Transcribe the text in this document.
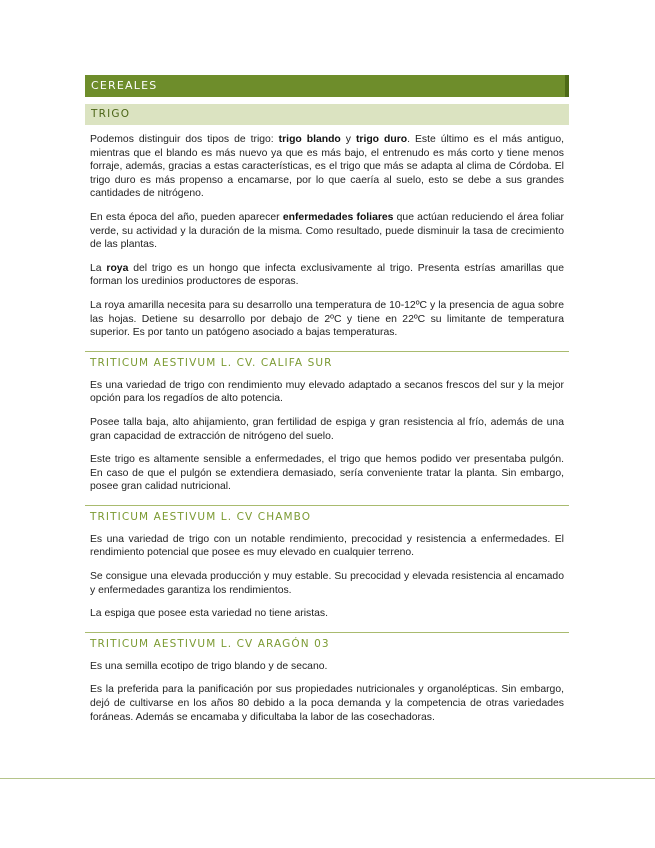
CEREALES
TRIGO

Podemos distinguir dos tipos de trigo: trigo blando y trigo duro. Este último es el más antiguo, mientras que el blando es más nuevo ya que es más bajo, el entrenudo es más corto y tiene menos forraje, además, gracias a estas características, es el trigo que más se adapta al clima de Córdoba. El trigo duro es más propenso a encamarse, por lo que caería al suelo, esto se debe a sus grandes cantidades de nitrógeno.

En esta época del año, pueden aparecer enfermedades foliares que actúan reduciendo el área foliar verde, su actividad y la duración de la misma. Como resultado, puede disminuir la tasa de crecimiento de las plantas.

La roya del trigo es un hongo que infecta exclusivamente al trigo. Presenta estrías amarillas que forman los uredinios productores de esporas.

La roya amarilla necesita para su desarrollo una temperatura de 10-12ºC y la presencia de agua sobre las hojas. Detiene su desarrollo por debajo de 2ºC y tiene en 22ºC su limitante de temperatura superior. Es por tanto un patógeno asociado a bajas temperaturas.

TRITICUM AESTIVUM L. CV. CALIFA SUR

Es una variedad de trigo con rendimiento muy elevado adaptado a secanos frescos del sur y la mejor opción para los regadíos de alto potencia.

Posee talla baja, alto ahijamiento, gran fertilidad de espiga y gran resistencia al frío, además de una gran capacidad de extracción de nitrógeno del suelo.

Este trigo es altamente sensible a enfermedades, el trigo que hemos podido ver presentaba pulgón. En caso de que el pulgón se extendiera demasiado, sería conveniente tratar la planta. Sin embargo, posee gran calidad nutricional.

TRITICUM AESTIVUM L. CV CHAMBO

Es una variedad de trigo con un notable rendimiento, precocidad y resistencia a enfermedades. El rendimiento potencial que posee es muy elevado en cualquier terreno.

Se consigue una elevada producción y muy estable. Su precocidad y elevada resistencia al encamado y enfermedades garantiza los rendimientos.

La espiga que posee esta variedad no tiene aristas.

TRITICUM AESTIVUM L. CV ARAGÓN 03

Es una semilla ecotipo de trigo blando y de secano.

Es la preferida para la panificación por sus propiedades nutricionales y organolépticas. Sin embargo, dejó de cultivarse en los años 80 debido a la poca demanda y la competencia de otras variedades foráneas. Además se encamaba y dificultaba la labor de las cosechadoras.
